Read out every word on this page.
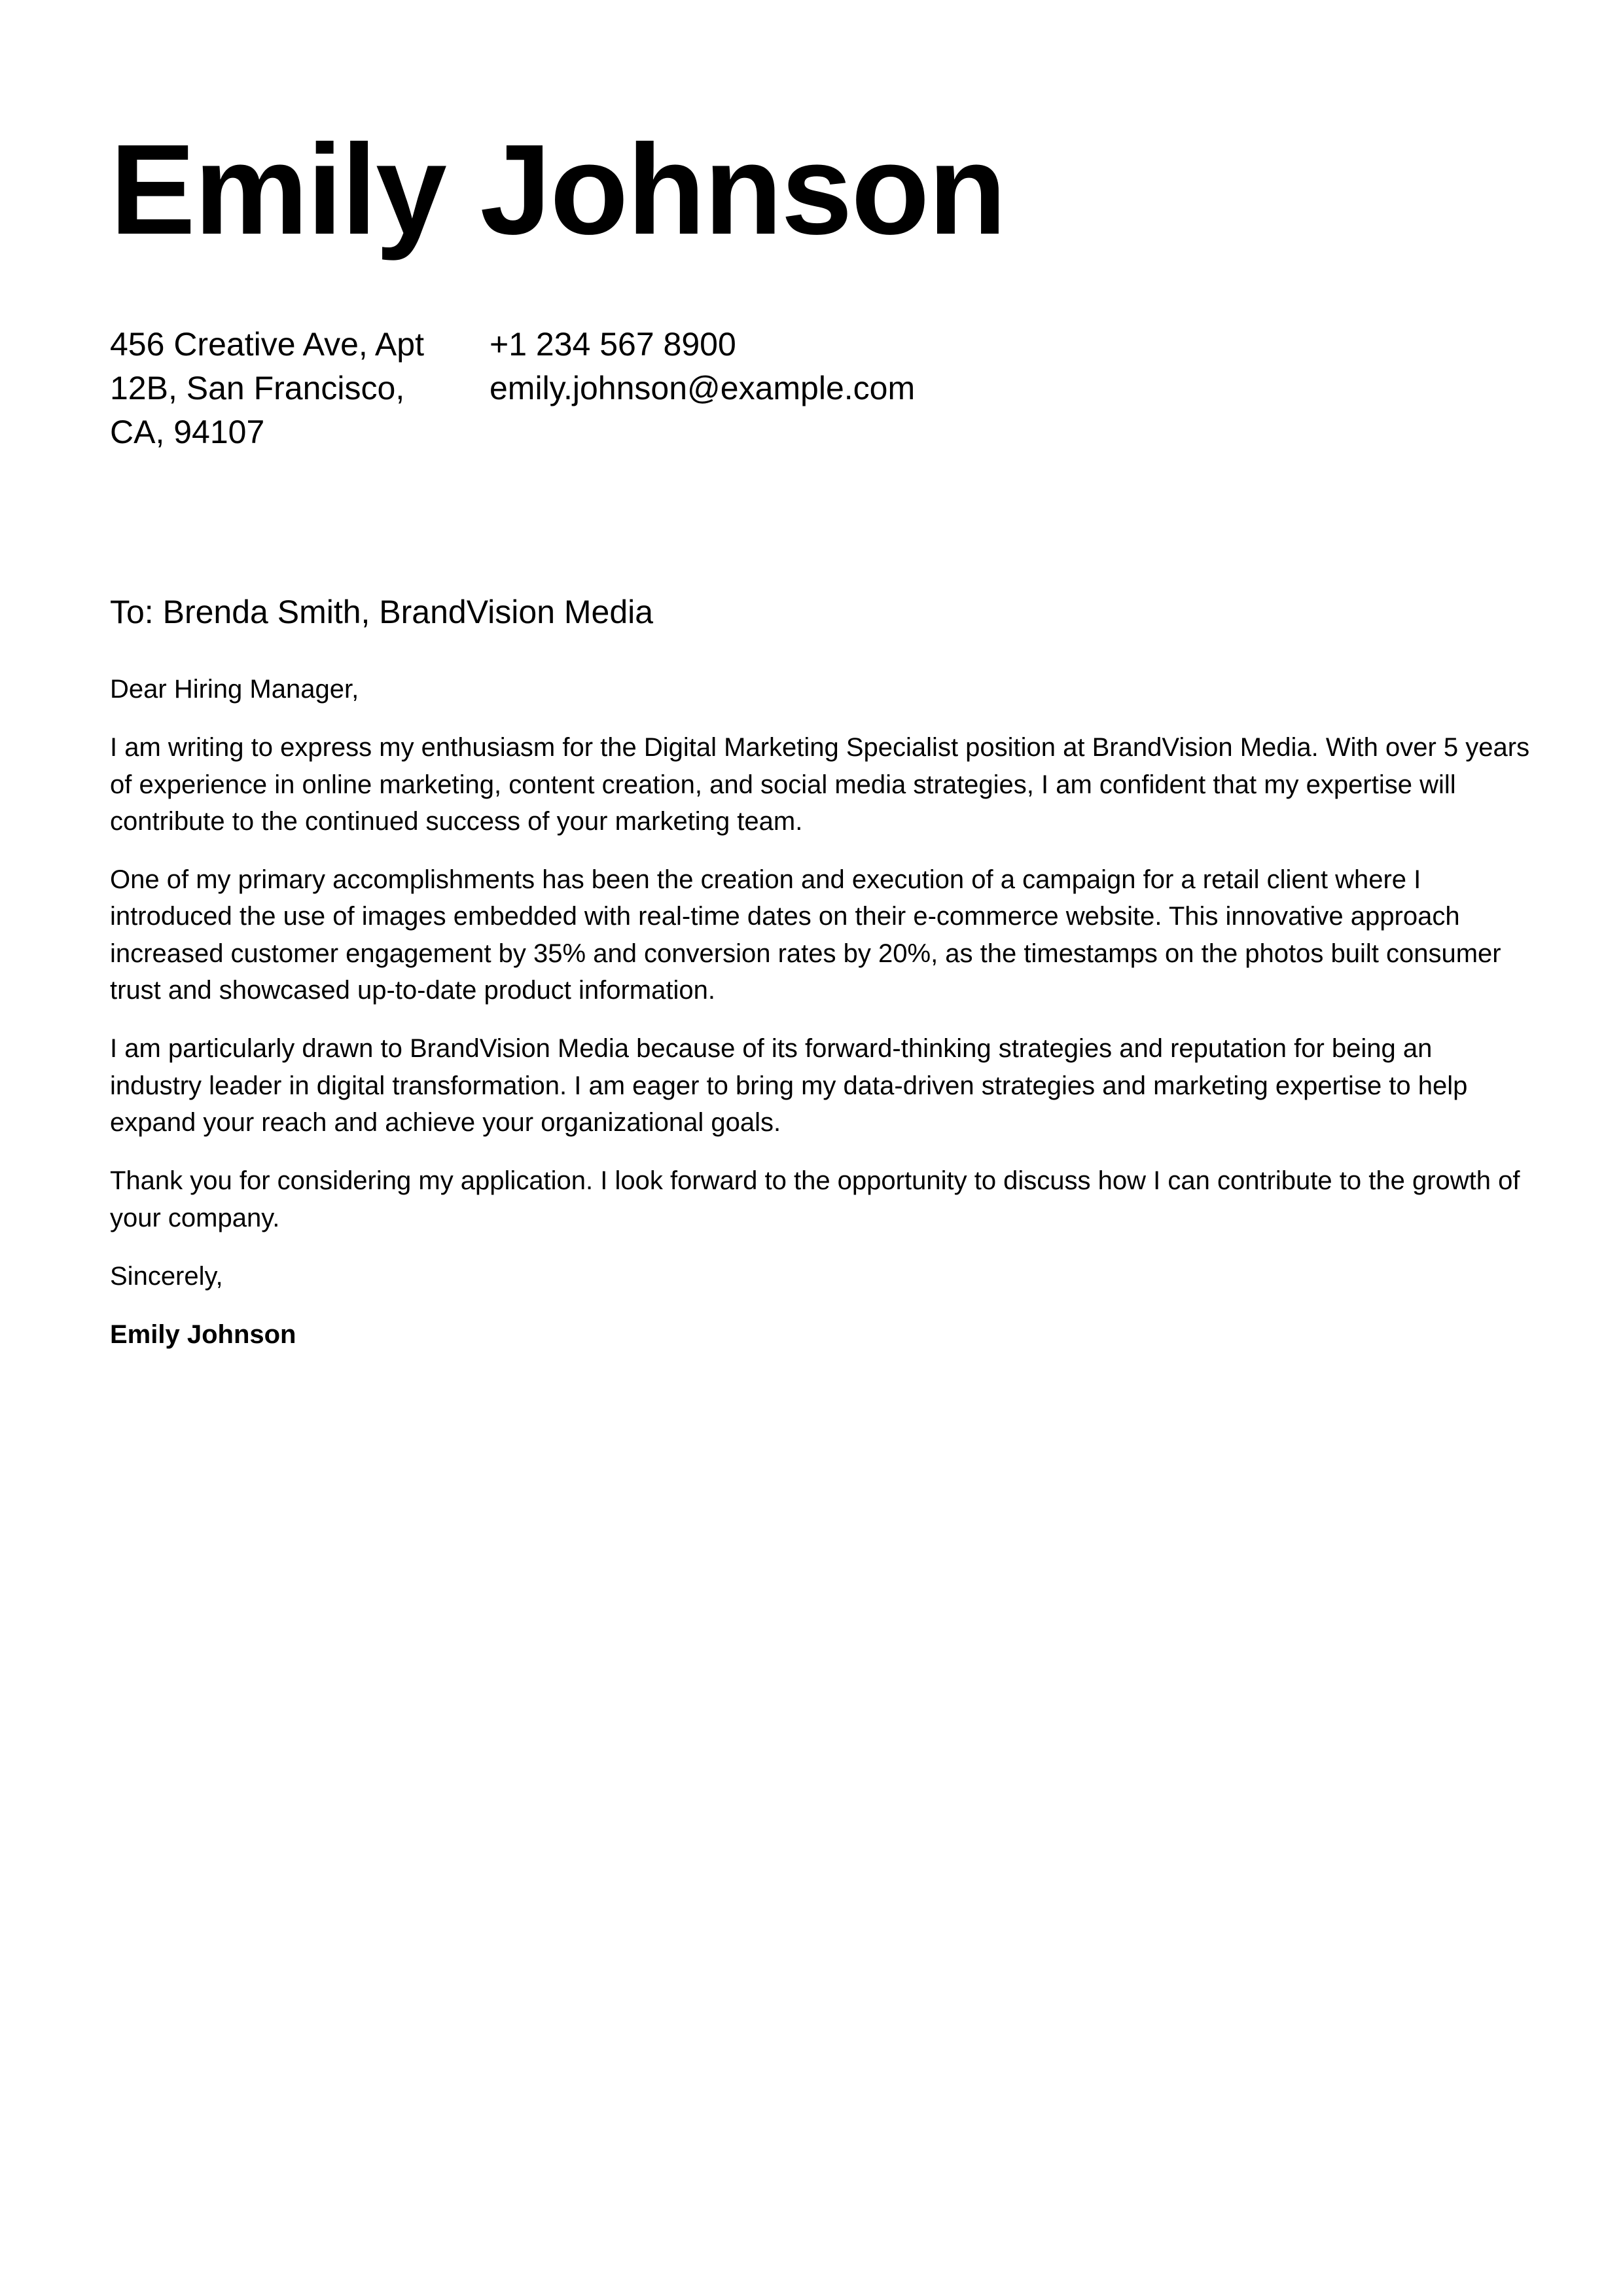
Emily Johnson
456 Creative Ave, Apt
12B, San Francisco,
CA, 94107
+1 234 567 8900
emily.johnson@example.com
To: Brenda Smith, BrandVision Media

Dear Hiring Manager,

I am writing to express my enthusiasm for the Digital Marketing Specialist position at BrandVision Media. With over 5 years of experience in online marketing, content creation, and social media strategies, I am confident that my expertise will contribute to the continued success of your marketing team.

One of my primary accomplishments has been the creation and execution of a campaign for a retail client where I introduced the use of images embedded with real-time dates on their e-commerce website. This innovative approach increased customer engagement by 35% and conversion rates by 20%, as the timestamps on the photos built consumer trust and showcased up-to-date product information.

I am particularly drawn to BrandVision Media because of its forward-thinking strategies and reputation for being an industry leader in digital transformation. I am eager to bring my data-driven strategies and marketing expertise to help expand your reach and achieve your organizational goals.

Thank you for considering my application. I look forward to the opportunity to discuss how I can contribute to the growth of your company.

Sincerely,

Emily Johnson
